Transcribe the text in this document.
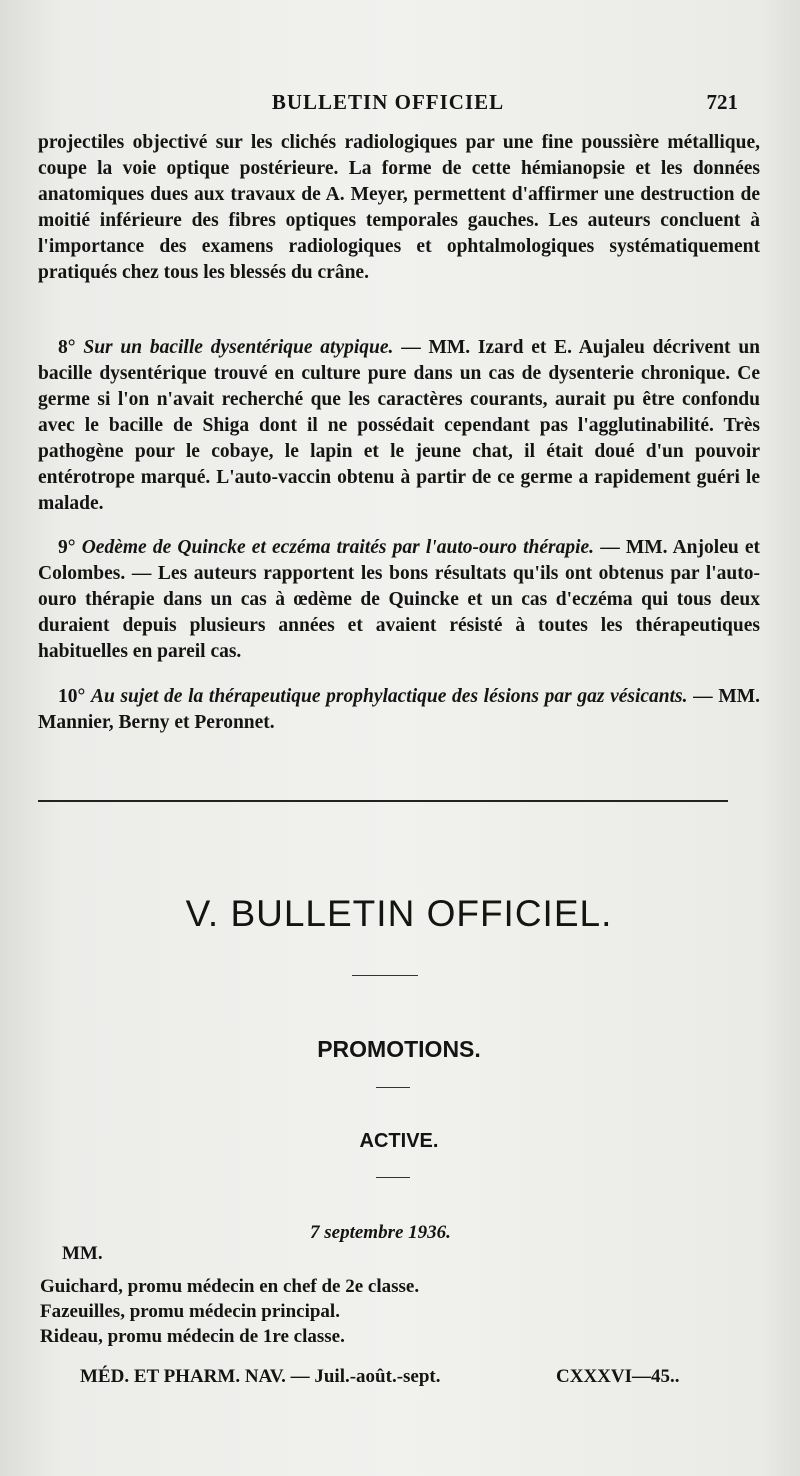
BULLETIN OFFICIEL	721

projectiles objectivé sur les clichés radiologiques par une fine poussière métallique, coupe la voie optique postérieure. La forme de cette hémianopsie et les données anatomiques dues aux travaux de A. Meyer, permettent d'affirmer une destruction de moitié inférieure des fibres optiques temporales gauches. Les auteurs concluent à l'importance des examens radiologiques et ophtalmologiques systématiquement pratiqués chez tous les blessés du crâne.

8° Sur un bacille dysentérique atypique. — MM. Izard et E. Aujaleu décrivent un bacille dysentérique trouvé en culture pure dans un cas de dysenterie chronique. Ce germe si l'on n'avait recherché que les caractères courants, aurait pu être confondu avec le bacille de Shiga dont il ne possédait cependant pas l'agglutinabilité. Très pathogène pour le cobaye, le lapin et le jeune chat, il était doué d'un pouvoir entérotrope marqué. L'auto-vaccin obtenu à partir de ce germe a rapidement guéri le malade.

9° Oedème de Quincke et eczéma traités par l'auto-ouro thérapie. — MM. Anjoleu et Colombes. — Les auteurs rapportent les bons résultats qu'ils ont obtenus par l'auto-ouro thérapie dans un cas à œdème de Quincke et un cas d'eczéma qui tous deux duraient depuis plusieurs années et avaient résisté à toutes les thérapeutiques habituelles en pareil cas.

10° Au sujet de la thérapeutique prophylactique des lésions par gaz vésicants. — MM. Mannier, Berny et Peronnet.

V. BULLETIN OFFICIEL.
PROMOTIONS.
ACTIVE.
7 septembre 1936.
MM.
Guichard, promu médecin en chef de 2e classe.
Fazeuilles, promu médecin principal.
Rideau, promu médecin de 1re classe.
MÉD. ET PHARM. NAV. — Juil.-août.-sept.	CXXXVI—45..
